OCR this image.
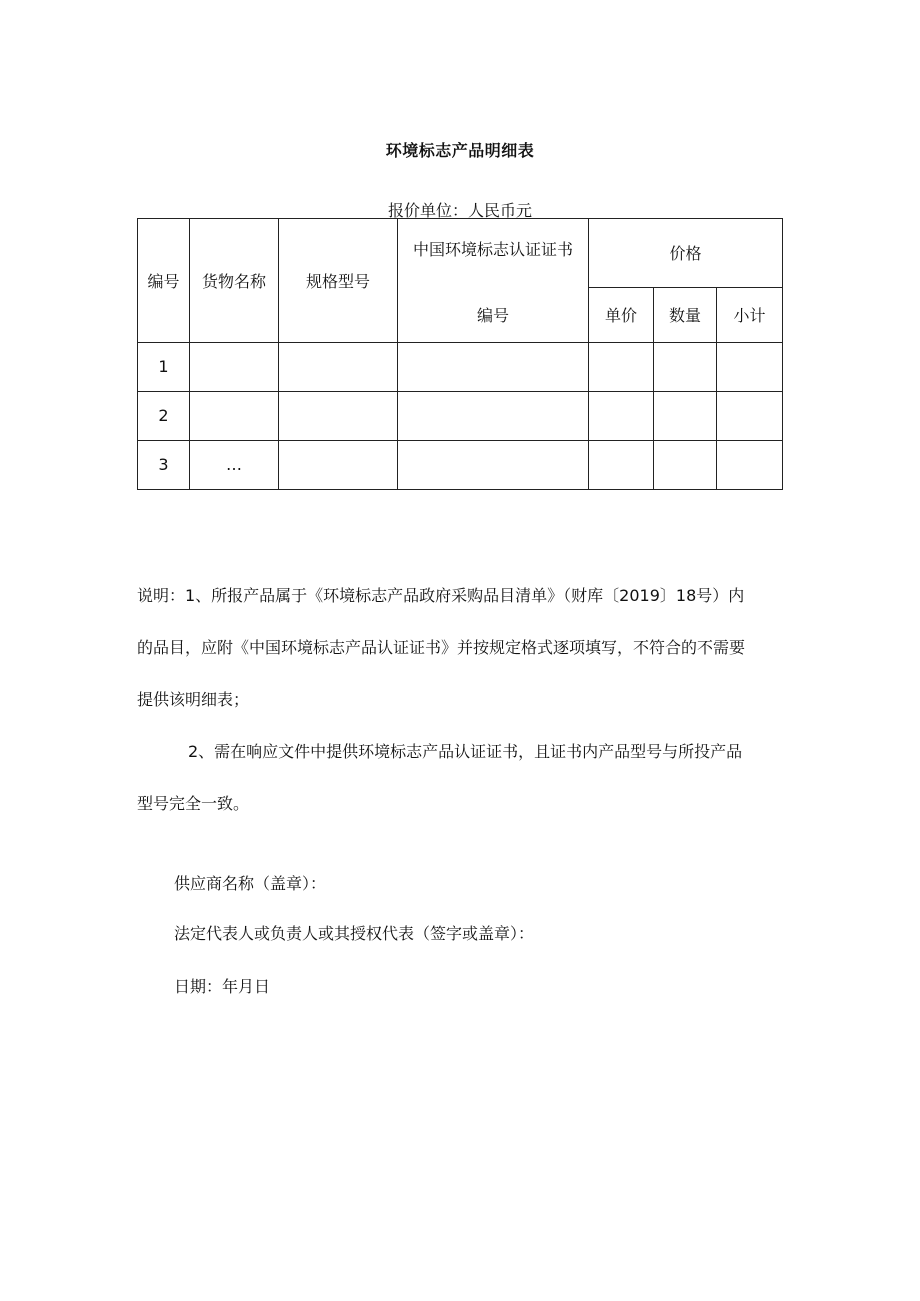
环境标志产品明细表
报价单位：人民币元
编号	货物名称	规格型号	中国环境标志认证证书	价格		
			编号	单价	数量	小计
1						
2						
3	…					

说明：1、所报产品属于《环境标志产品政府采购品目清单》（财库〔2019〕18号）内

的品目，应附《中国环境标志产品认证证书》并按规定格式逐项填写，不符合的不需要

提供该明细表；

2、需在响应文件中提供环境标志产品认证证书，且证书内产品型号与所投产品

型号完全一致。

供应商名称（盖章）：
法定代表人或负责人或其授权代表（签字或盖章）：
日期：年月日
